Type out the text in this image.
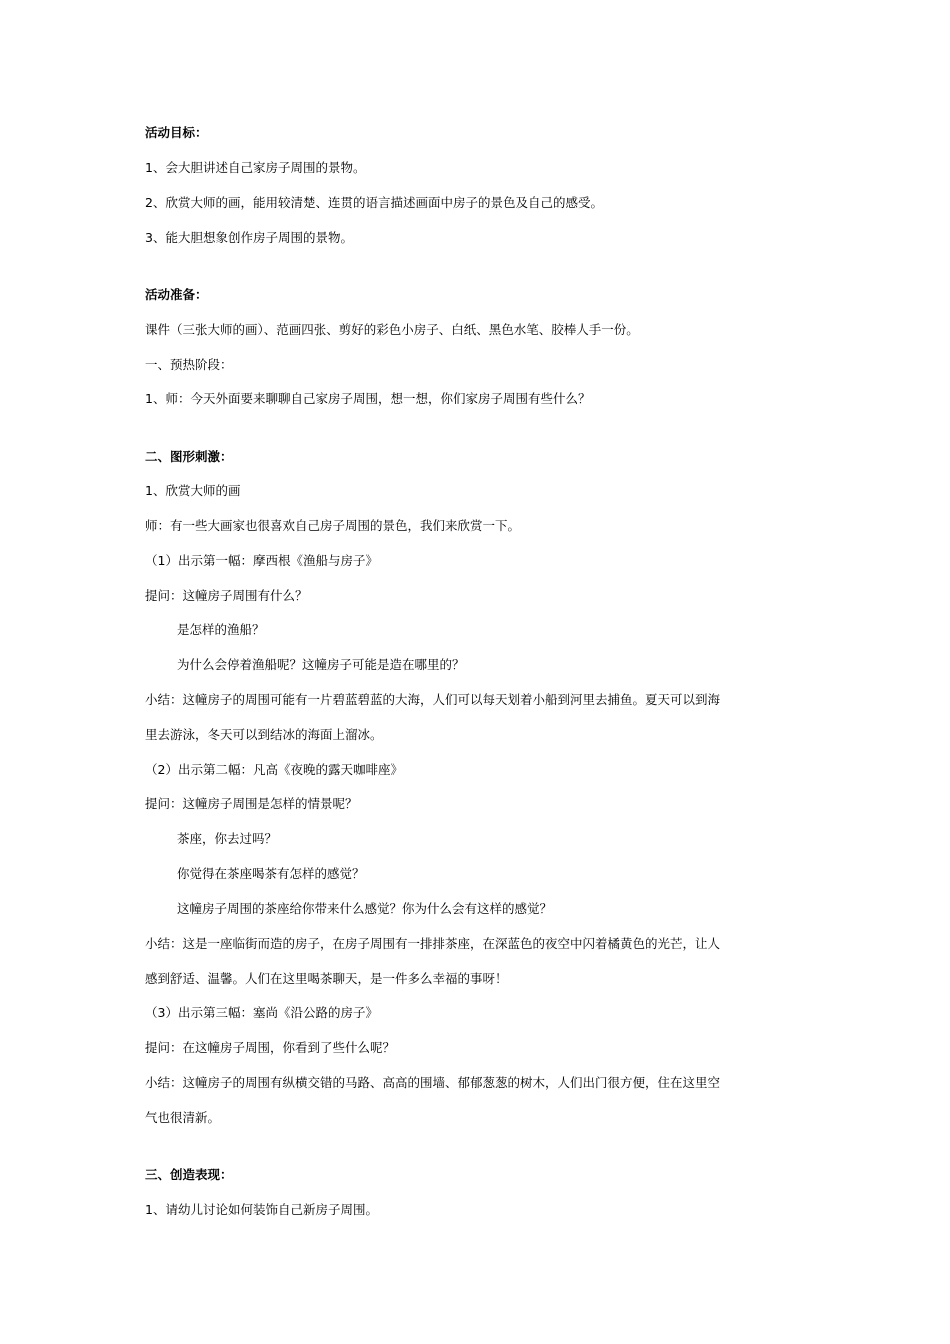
活动目标：
1、会大胆讲述自己家房子周围的景物。
2、欣赏大师的画，能用较清楚、连贯的语言描述画面中房子的景色及自己的感受。
3、能大胆想象创作房子周围的景物。
活动准备：
课件（三张大师的画）、范画四张、剪好的彩色小房子、白纸、黑色水笔、胶棒人手一份。
一、预热阶段：
1、师：今天外面要来聊聊自己家房子周围，想一想，你们家房子周围有些什么？
二、图形刺激：
1、欣赏大师的画
师：有一些大画家也很喜欢自己房子周围的景色，我们来欣赏一下。
（1）出示第一幅：摩西根《渔船与房子》
提问：这幢房子周围有什么？
是怎样的渔船？
为什么会停着渔船呢？这幢房子可能是造在哪里的？
小结：这幢房子的周围可能有一片碧蓝碧蓝的大海，人们可以每天划着小船到河里去捕鱼。夏天可以到海
里去游泳，冬天可以到结冰的海面上溜冰。
（2）出示第二幅：凡高《夜晚的露天咖啡座》
提问：这幢房子周围是怎样的情景呢？
茶座，你去过吗？
你觉得在茶座喝茶有怎样的感觉？
这幢房子周围的茶座给你带来什么感觉？你为什么会有这样的感觉？
小结：这是一座临街而造的房子，在房子周围有一排排茶座，在深蓝色的夜空中闪着橘黄色的光芒，让人
感到舒适、温馨。人们在这里喝茶聊天，是一件多么幸福的事呀！
（3）出示第三幅：塞尚《沿公路的房子》
提问：在这幢房子周围，你看到了些什么呢？
小结：这幢房子的周围有纵横交错的马路、高高的围墙、郁郁葱葱的树木，人们出门很方便，住在这里空
气也很清新。
三、创造表现：
1、请幼儿讨论如何装饰自己新房子周围。
